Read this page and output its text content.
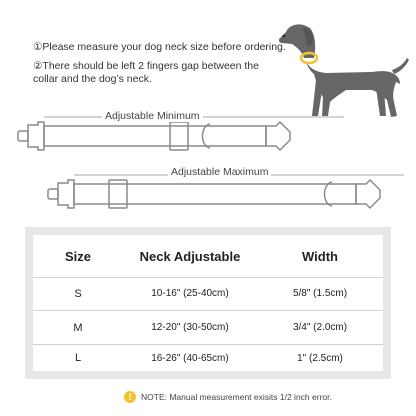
①Please measure your dog neck size before ordering.
②There should be left 2 fingers gap between the collar and the dog’s neck.
Adjustable Minimum
Adjustable Maximum
Size	Neck Adjustable	Width
S	10-16" (25-40cm)	5/8" (1.5cm)
M	12-20" (30-50cm)	3/4" (2.0cm)
L	16-26" (40-65cm)	1" (2.5cm)
!	NOTE: Manual measurement exisits 1/2 inch error.
